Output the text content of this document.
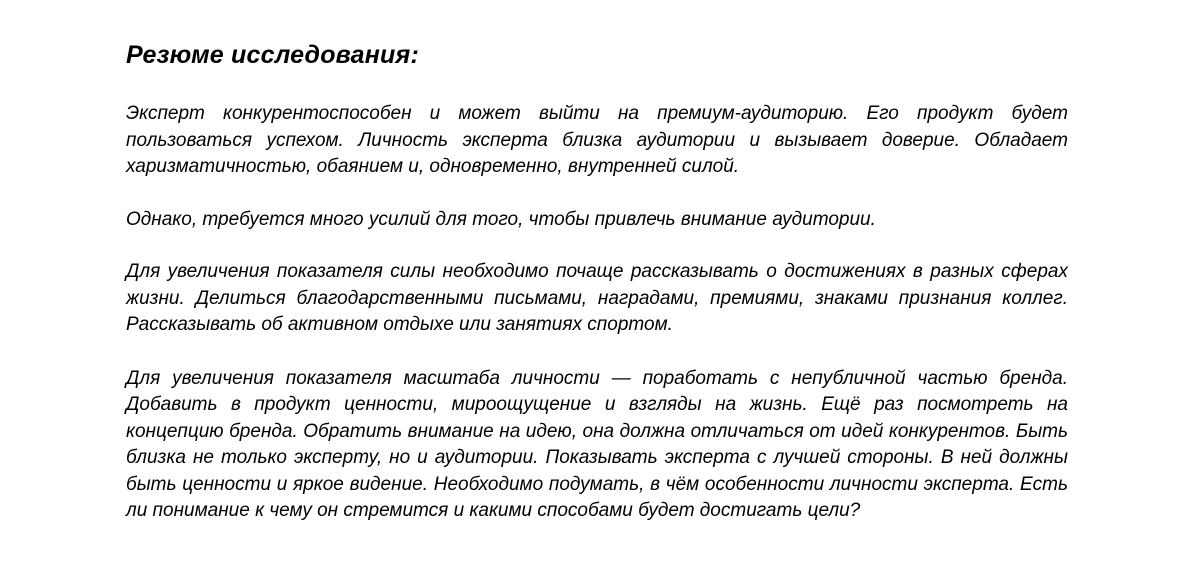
Резюме исследования:

Эксперт конкурентоспособен и может выйти на премиум-аудиторию. Его продукт будет пользоваться успехом. Личность эксперта близка аудитории и вызывает доверие. Обладает харизматичностью, обаянием и, одновременно, внутренней силой.

Однако, требуется много усилий для того, чтобы привлечь внимание аудитории.

Для увеличения показателя силы необходимо почаще рассказывать о достижениях в разных сферах жизни. Делиться благодарственными письмами, наградами, премиями, знаками признания коллег. Рассказывать об активном отдыхе или занятиях спортом.

Для увеличения показателя масштаба личности — поработать с непубличной частью бренда. Добавить в продукт ценности, мироощущение и взгляды на жизнь. Ещё раз посмотреть на концепцию бренда. Обратить внимание на идею, она должна отличаться от идей конкурентов. Быть близка не только эксперту, но и аудитории. Показывать эксперта с лучшей стороны. В ней должны быть ценности и яркое видение. Необходимо подумать, в чём особенности личности эксперта. Есть ли понимание к чему он стремится и какими способами будет достигать цели?
